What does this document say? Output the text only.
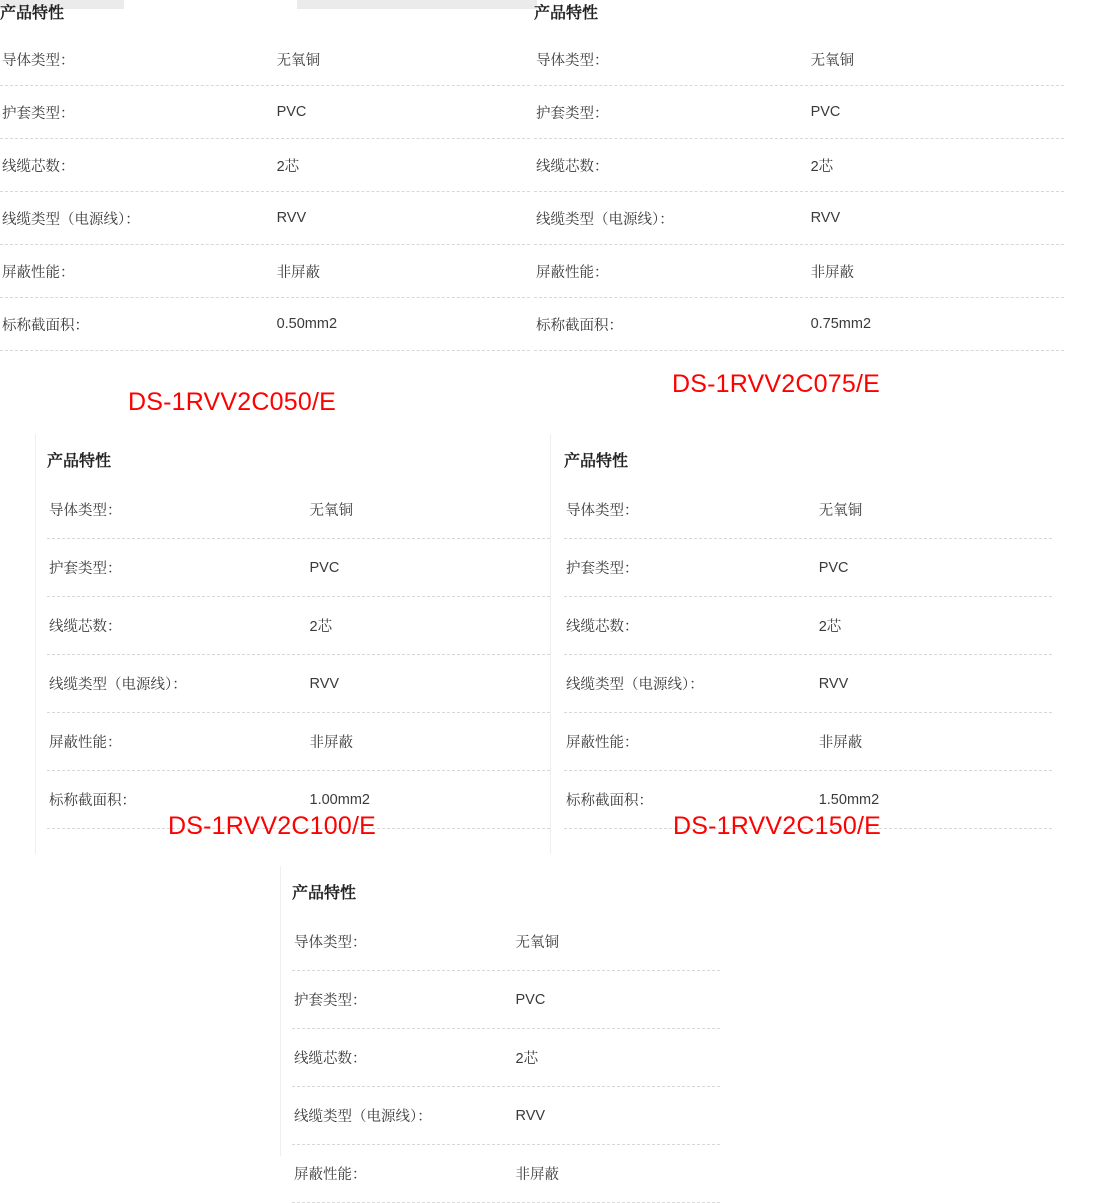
产品特性
导体类型：	无氧铜
护套类型：	PVC
线缆芯数：	2芯
线缆类型（电源线）：	RVV
屏蔽性能：	非屏蔽
标称截面积：	0.50mm2
产品特性
导体类型：	无氧铜
护套类型：	PVC
线缆芯数：	2芯
线缆类型（电源线）：	RVV
屏蔽性能：	非屏蔽
标称截面积：	0.75mm2
产品特性
导体类型：	无氧铜
护套类型：	PVC
线缆芯数：	2芯
线缆类型（电源线）：	RVV
屏蔽性能：	非屏蔽
标称截面积：	1.00mm2
产品特性
导体类型：	无氧铜
护套类型：	PVC
线缆芯数：	2芯
线缆类型（电源线）：	RVV
屏蔽性能：	非屏蔽
标称截面积：	1.50mm2
产品特性
导体类型：	无氧铜
护套类型：	PVC
线缆芯数：	2芯
线缆类型（电源线）：	RVV
屏蔽性能：	非屏蔽
DS-1RVV2C050/E
DS-1RVV2C075/E
DS-1RVV2C100/E	DS-1RVV2C150/E
